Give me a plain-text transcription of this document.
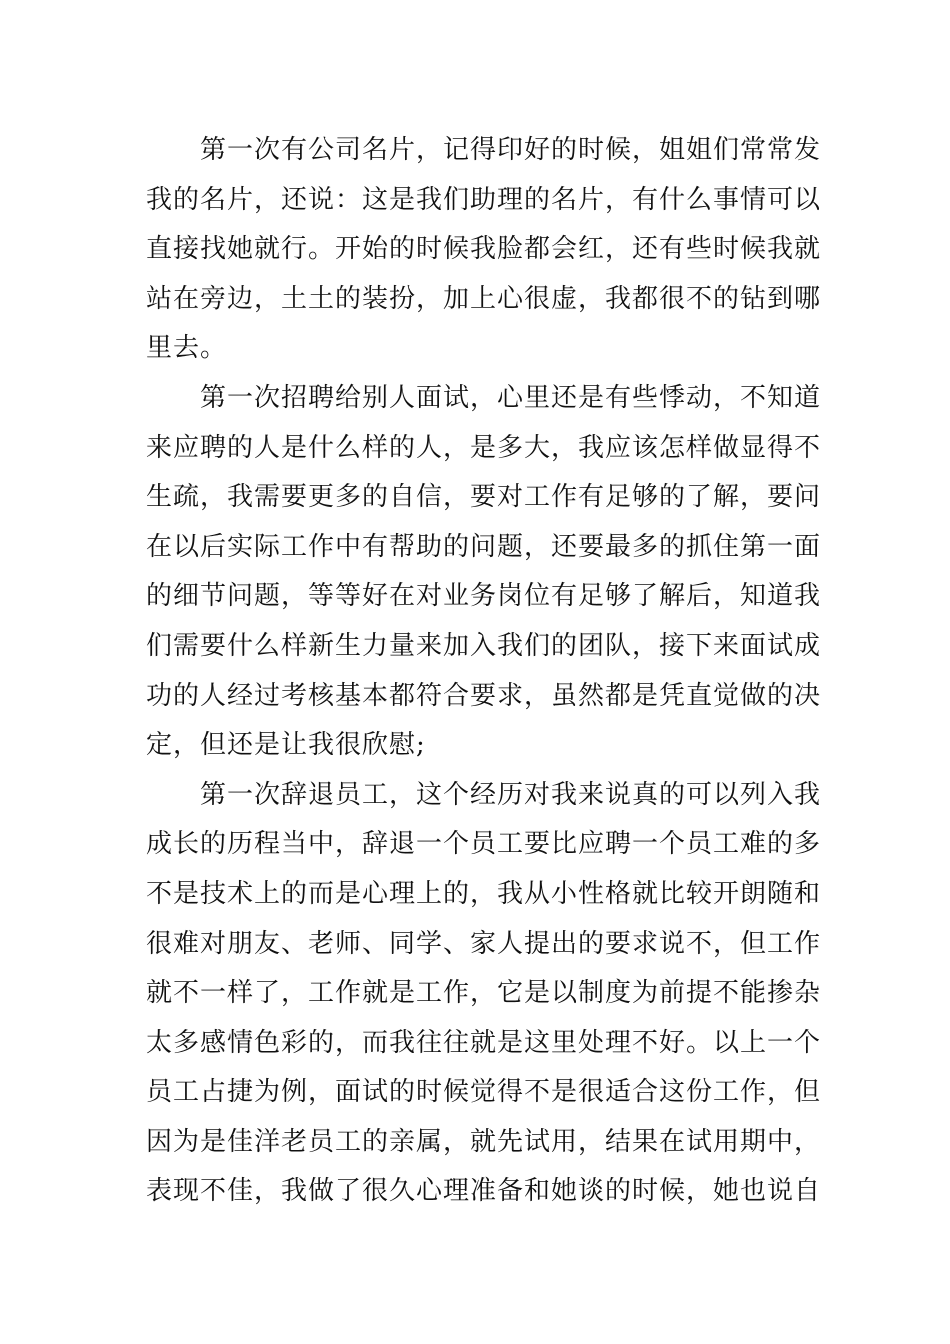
第一次有公司名片，记得印好的时候，姐姐们常常发
我的名片，还说：这是我们助理的名片，有什么事情可以
直接找她就行。开始的时候我脸都会红，还有些时候我就
站在旁边，土土的装扮，加上心很虚，我都很不的钻到哪
里去。
第一次招聘给别人面试，心里还是有些悸动，不知道
来应聘的人是什么样的人，是多大，我应该怎样做显得不
生疏，我需要更多的自信，要对工作有足够的了解，要问
在以后实际工作中有帮助的问题，还要最多的抓住第一面
的细节问题，等等好在对业务岗位有足够了解后，知道我
们需要什么样新生力量来加入我们的团队，接下来面试成
功的人经过考核基本都符合要求，虽然都是凭直觉做的决
定，但还是让我很欣慰;
第一次辞退员工，这个经历对我来说真的可以列入我
成长的历程当中，辞退一个员工要比应聘一个员工难的多
不是技术上的而是心理上的，我从小性格就比较开朗随和
很难对朋友、老师、同学、家人提出的要求说不，但工作
就不一样了，工作就是工作，它是以制度为前提不能掺杂
太多感情色彩的，而我往往就是这里处理不好。以上一个
员工占捷为例，面试的时候觉得不是很适合这份工作，但
因为是佳洋老员工的亲属，就先试用，结果在试用期中，
表现不佳，我做了很久心理准备和她谈的时候，她也说自
